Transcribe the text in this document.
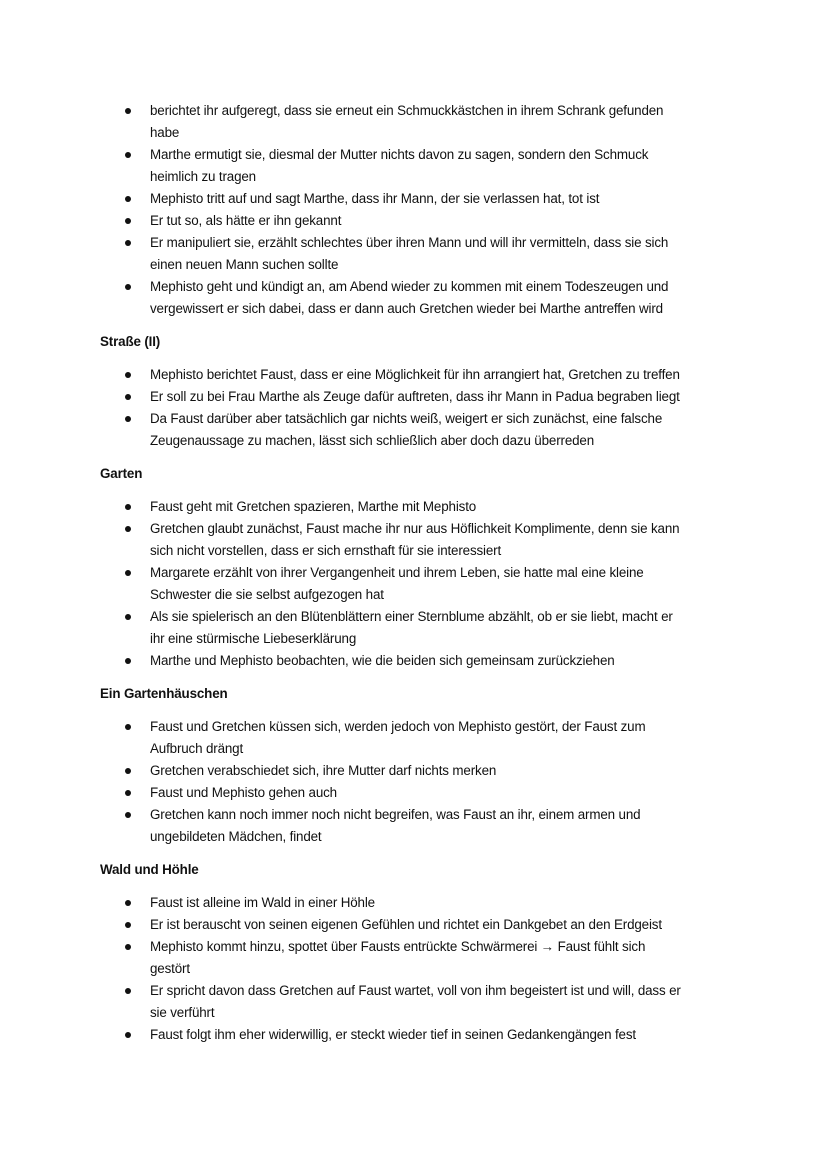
berichtet ihr aufgeregt, dass sie erneut ein Schmuckkästchen in ihrem Schrank gefunden
habe
Marthe ermutigt sie, diesmal der Mutter nichts davon zu sagen, sondern den Schmuck
heimlich zu tragen
Mephisto tritt auf und sagt Marthe, dass ihr Mann, der sie verlassen hat, tot ist
Er tut so, als hätte er ihn gekannt
Er manipuliert sie, erzählt schlechtes über ihren Mann und will ihr vermitteln, dass sie sich
einen neuen Mann suchen sollte
Mephisto geht und kündigt an, am Abend wieder zu kommen mit einem Todeszeugen und
vergewissert er sich dabei, dass er dann auch Gretchen wieder bei Marthe antreffen wird
Straße (II)
Mephisto berichtet Faust, dass er eine Möglichkeit für ihn arrangiert hat, Gretchen zu treffen
Er soll zu bei Frau Marthe als Zeuge dafür auftreten, dass ihr Mann in Padua begraben liegt
Da Faust darüber aber tatsächlich gar nichts weiß, weigert er sich zunächst, eine falsche
Zeugenaussage zu machen, lässt sich schließlich aber doch dazu überreden
Garten
Faust geht mit Gretchen spazieren, Marthe mit Mephisto
Gretchen glaubt zunächst, Faust mache ihr nur aus Höflichkeit Komplimente, denn sie kann
sich nicht vorstellen, dass er sich ernsthaft für sie interessiert
Margarete erzählt von ihrer Vergangenheit und ihrem Leben, sie hatte mal eine kleine
Schwester die sie selbst aufgezogen hat
Als sie spielerisch an den Blütenblättern einer Sternblume abzählt, ob er sie liebt, macht er
ihr eine stürmische Liebeserklärung
Marthe und Mephisto beobachten, wie die beiden sich gemeinsam zurückziehen
Ein Gartenhäuschen
Faust und Gretchen küssen sich, werden jedoch von Mephisto gestört, der Faust zum
Aufbruch drängt
Gretchen verabschiedet sich, ihre Mutter darf nichts merken
Faust und Mephisto gehen auch
Gretchen kann noch immer noch nicht begreifen, was Faust an ihr, einem armen und
ungebildeten Mädchen, findet
Wald und Höhle
Faust ist alleine im Wald in einer Höhle
Er ist berauscht von seinen eigenen Gefühlen und richtet ein Dankgebet an den Erdgeist
Mephisto kommt hinzu, spottet über Fausts entrückte Schwärmerei → Faust fühlt sich
gestört
Er spricht davon dass Gretchen auf Faust wartet, voll von ihm begeistert ist und will, dass er
sie verführt
Faust folgt ihm eher widerwillig, er steckt wieder tief in seinen Gedankengängen fest
